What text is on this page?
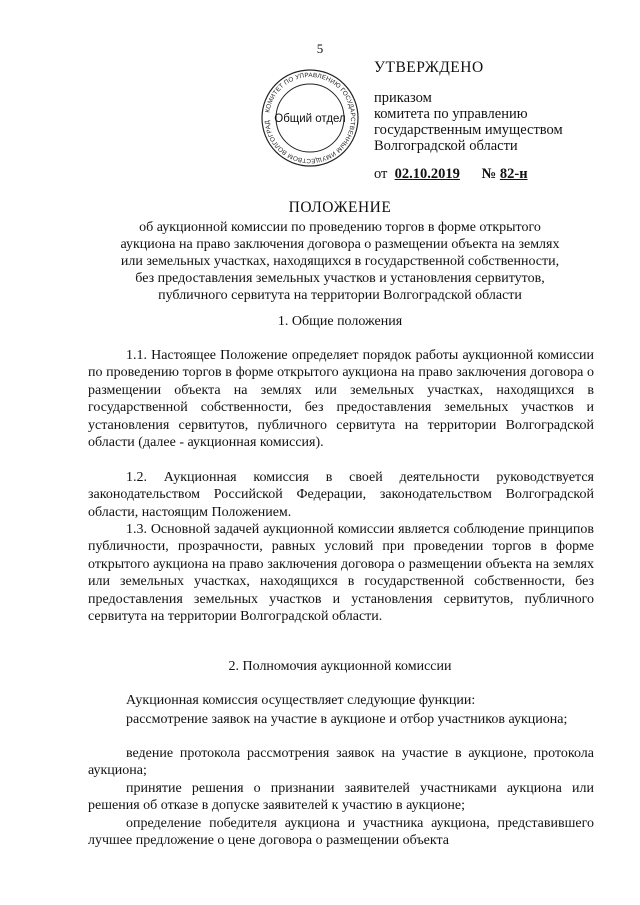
5
КОМИТЕТ ПО УПРАВЛЕНИЮ ГОСУДАРСТВЕННЫМ ИМУЩЕСТВОМ ВОЛГОГРАД Общий отдел
УТВЕРЖДЕНО
приказом
комитета по управлению
государственным имуществом
Волгоградской области
от 02.10.2019 № 82-н
ПОЛОЖЕНИЕ
об аукционной комиссии по проведению торгов в форме открытого
аукциона на право заключения договора о размещении объекта на землях
или земельных участках, находящихся в государственной собственности,
без предоставления земельных участков и установления сервитутов,
публичного сервитута на территории Волгоградской области
1. Общие положения
1.1. Настоящее Положение определяет порядок работы аукционной комиссии по проведению торгов в форме открытого аукциона на право заключения договора о размещении объекта на землях или земельных участках, находящихся в государственной собственности, без предоставления земельных участков и установления сервитутов, публичного сервитута на территории Волгоградской области (далее - аукционная комиссия).
1.2. Аукционная комиссия в своей деятельности руководствуется законодательством Российской Федерации, законодательством Волгоградской области, настоящим Положением.
1.3. Основной задачей аукционной комиссии является соблюдение принципов публичности, прозрачности, равных условий при проведении торгов в форме открытого аукциона на право заключения договора о размещении объекта на землях или земельных участках, находящихся в государственной собственности, без предоставления земельных участков и установления сервитутов, публичного сервитута на территории Волгоградской области.
2. Полномочия аукционной комиссии
Аукционная комиссия осуществляет следующие функции:
рассмотрение заявок на участие в аукционе и отбор участников аукциона;
ведение протокола рассмотрения заявок на участие в аукционе, протокола аукциона;
принятие решения о признании заявителей участниками аукциона или решения об отказе в допуске заявителей к участию в аукционе;
определение победителя аукциона и участника аукциона, представившего лучшее предложение о цене договора о размещении объекта
